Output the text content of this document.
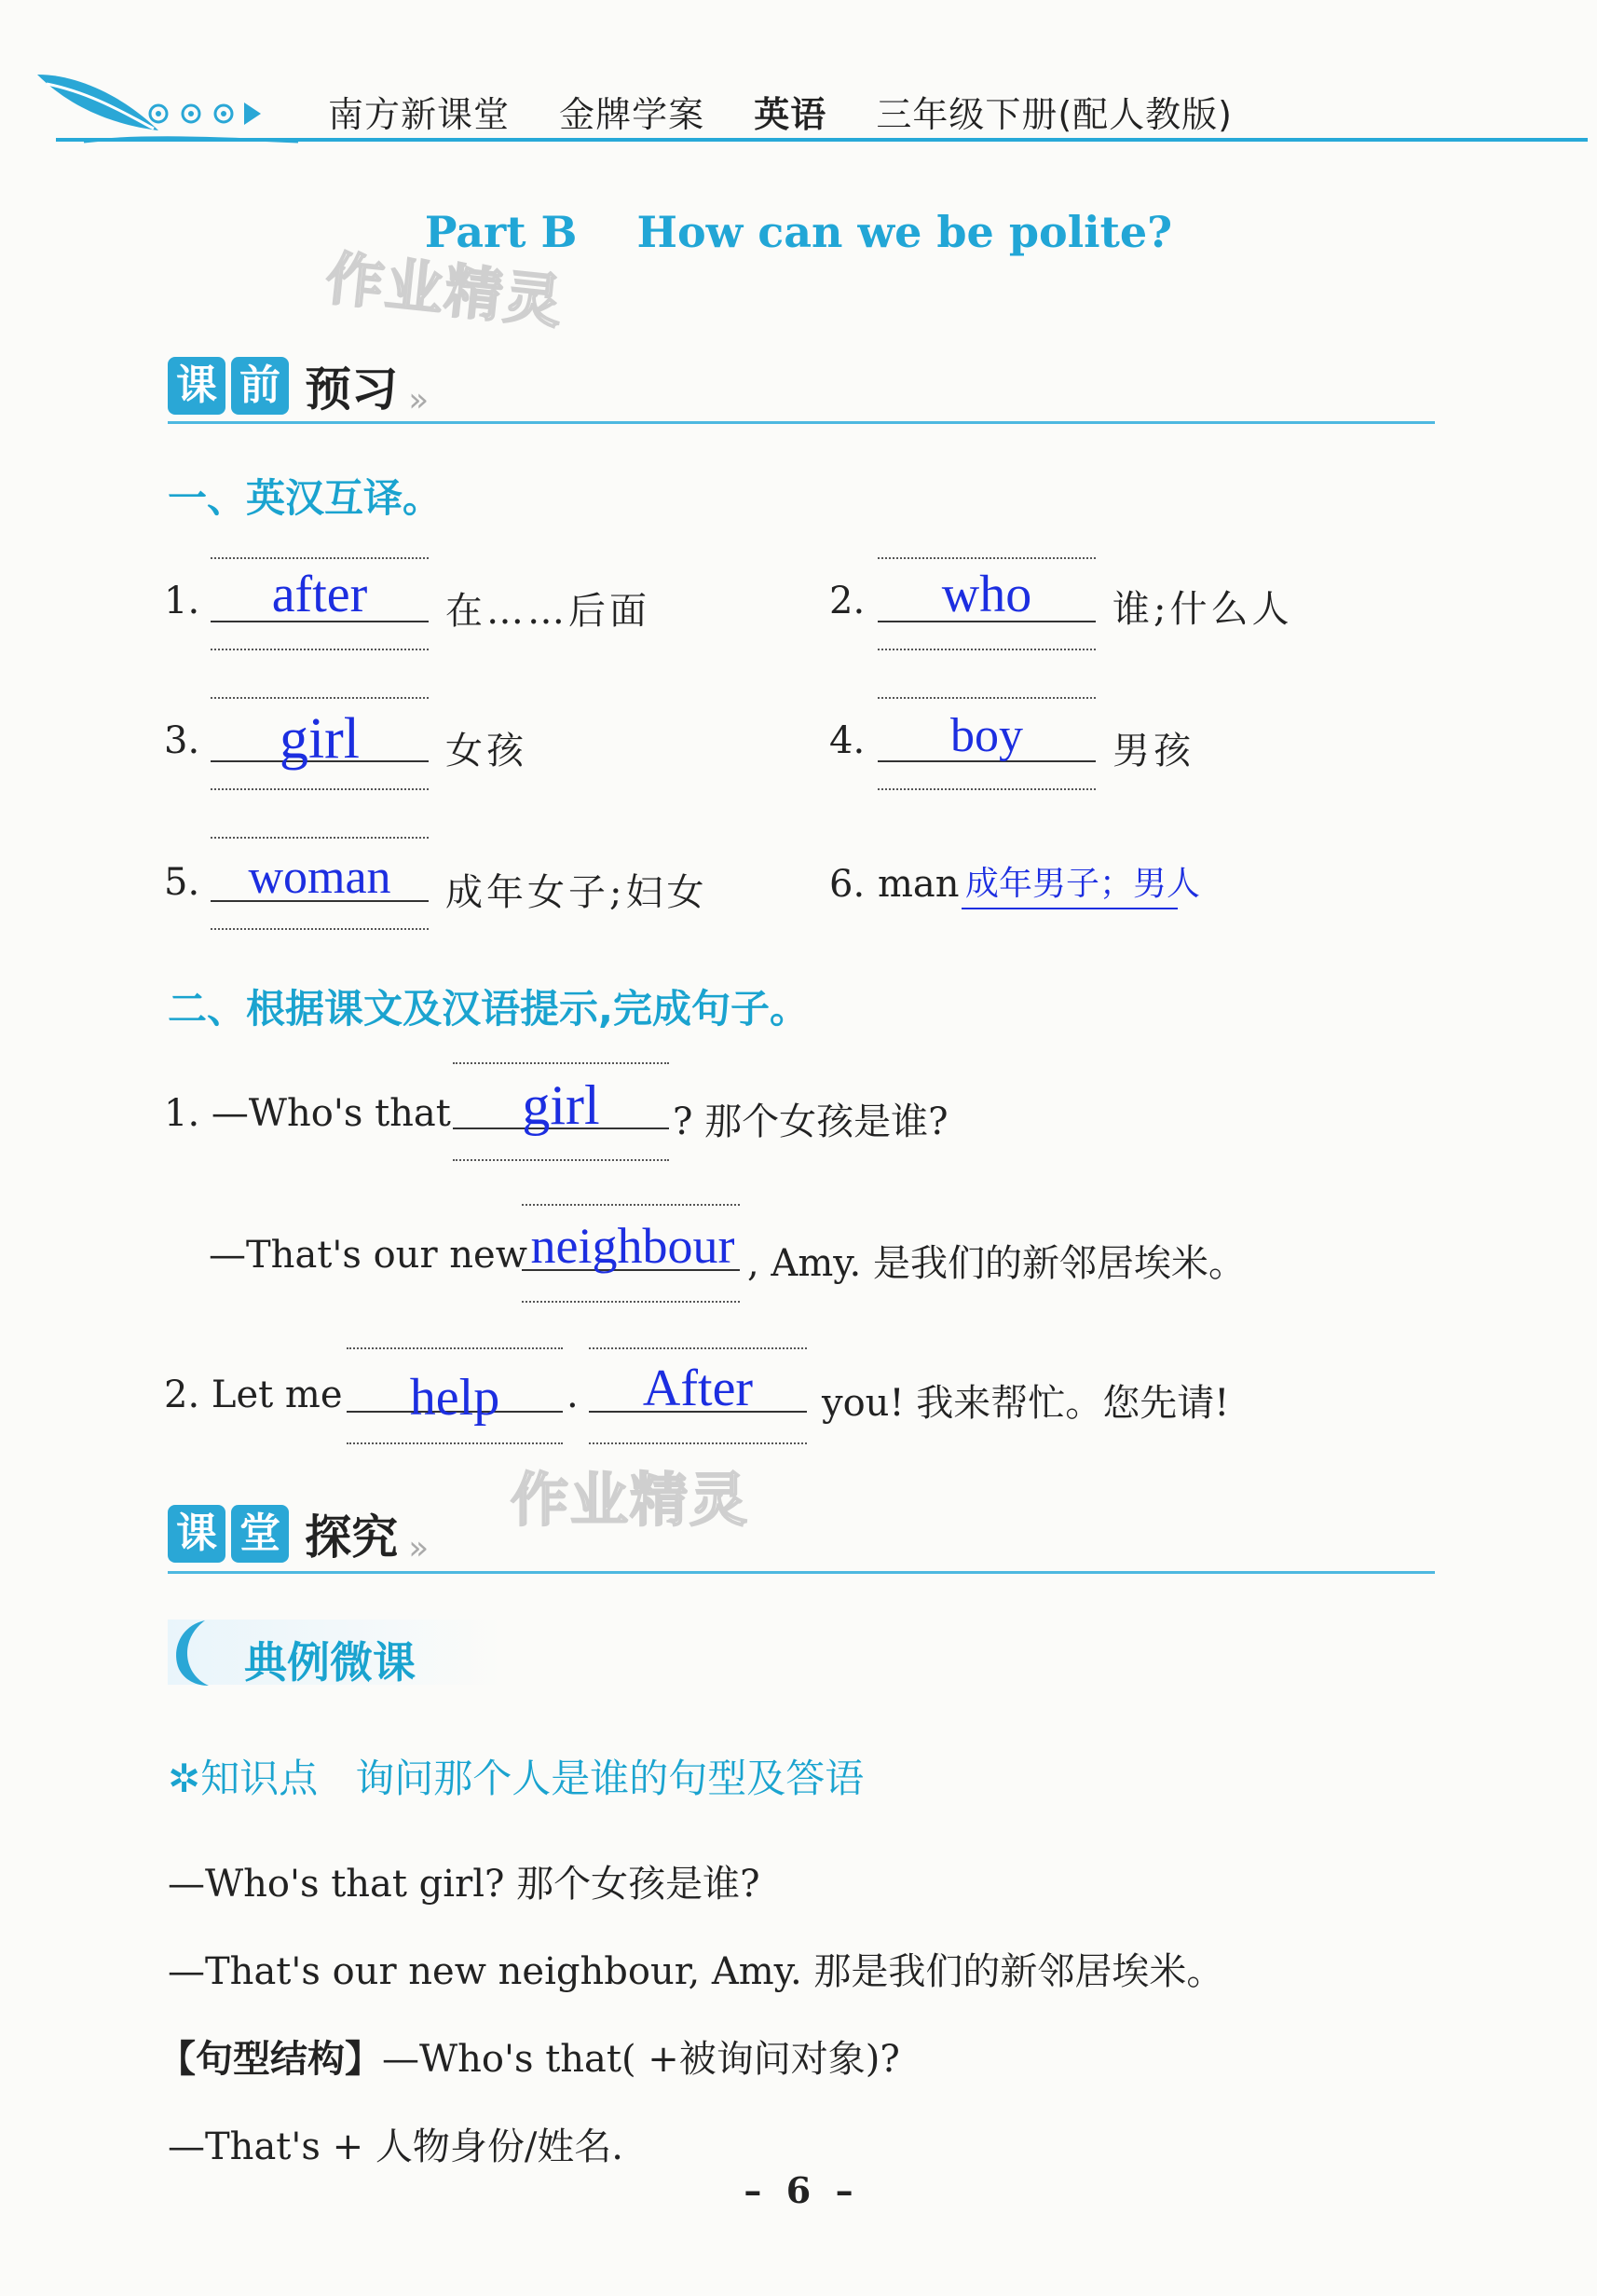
南方新课堂 金牌学案 英语 三年级下册(配人教版)
Part B    How can we be polite?
作业精灵
课 前 预习 »
一、英汉互译。
1.	after	在……后面	2.	who	谁;什么人
3.	girl	女孩	4.	boy	男孩
5.	woman	成年女子;妇女	6. man 成年男子；男人
二、根据课文及汉语提示,完成句子。
1. —Who's that	girl	? 那个女孩是谁?
—That's our new neighbour , Amy. 是我们的新邻居埃米。
2. Let me	help	.	After	you! 我来帮忙。您先请!
作业精灵
课 堂 探究 »
典例微课
✲知识点   询问那个人是谁的句型及答语
—Who's that girl? 那个女孩是谁?
—That's our new neighbour, Amy. 那是我们的新邻居埃米。
【句型结构】—Who's that( +被询问对象)?
—That's + 人物身份/姓名.
–  6  –
